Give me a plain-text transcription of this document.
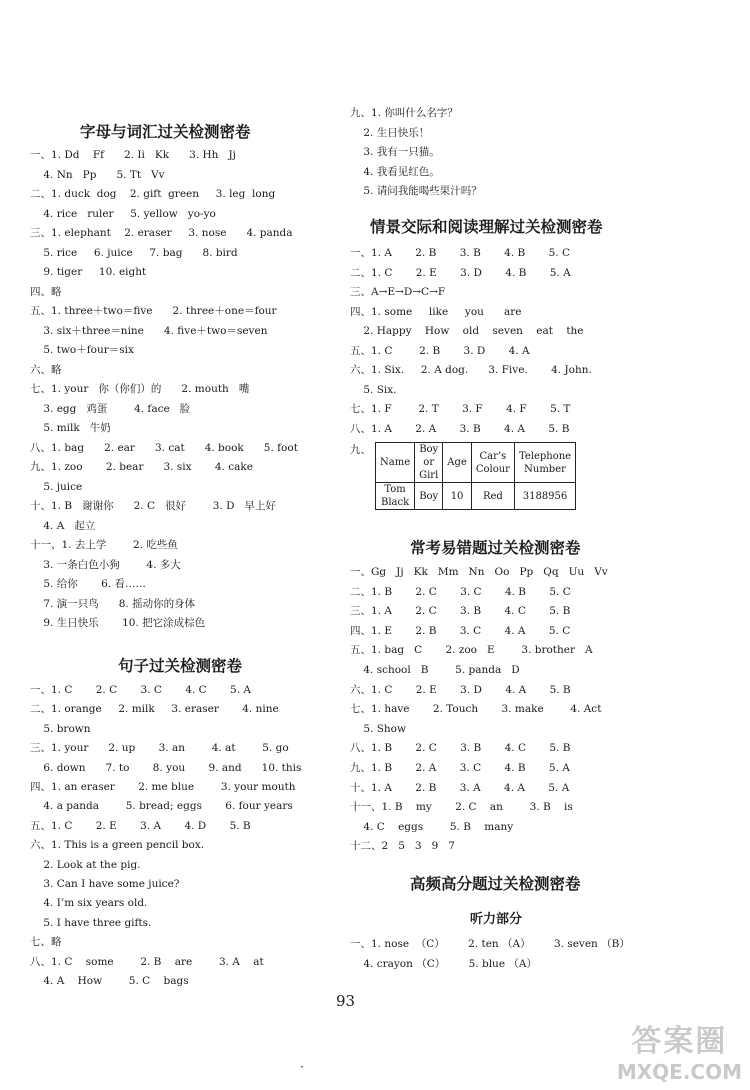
字母与词汇过关检测密卷
一、1. Dd    Ff      2. Ii   Kk      3. Hh   Jj
4. Nn   Pp      5. Tt   Vv
二、1. duck  dog    2. gift  green     3. leg  long
4. rice   ruler     5. yellow   yo-yo
三、1. elephant    2. eraser     3. nose      4. panda
5. rice     6. juice     7. bag      8. bird
9. tiger     10. eight
四、略
五、1. three＋two＝five      2. three＋one＝four
3. six＋three＝nine      4. five＋two＝seven
5. two＋four＝six
六、略
七、1. your   你（你们）的      2. mouth   嘴
3. egg   鸡蛋        4. face   脸
5. milk   牛奶
八、1. bag      2. ear      3. cat      4. book      5. foot
九、1. zoo       2. bear      3. six       4. cake
5. juice
十、1. B   谢谢你      2. C   很好        3. D   早上好
4. A   起立
十一、1. 去上学        2. 吃些鱼
3. 一条白色小狗        4. 多大
5. 给你       6. 看……
7. 演一只鸟      8. 摇动你的身体
9. 生日快乐       10. 把它涂成棕色
句子过关检测密卷
一、1. C       2. C       3. C       4. C       5. A
二、1. orange     2. milk     3. eraser       4. nine
5. brown
三、1. your      2. up       3. an        4. at        5. go
6. down      7. to       8. you       9. and      10. this
四、1. an eraser       2. me blue        3. your mouth
4. a panda        5. bread; eggs       6. four years
五、1. C       2. E       3. A       4. D       5. B
六、1. This is a green pencil box.
2. Look at the pig.
3. Can I have some juice?
4. I’m six years old.
5. I have three gifts.
七、略
八、1. C    some        2. B    are        3. A    at
4. A    How        5. C    bags
九、1. 你叫什么名字？
2. 生日快乐！
3. 我有一只猫。
4. 我看见红色。
5. 请问我能喝些果汁吗？
情景交际和阅读理解过关检测密卷
一、1. A       2. B       3. B       4. B       5. C
二、1. C       2. E       3. D       4. B       5. A
三、A→E→D→C→F
四、1. some     like     you      are
2. Happy    How    old    seven    eat    the
五、1. C        2. B       3. D       4. A
六、1. Six.     2. A dog.      3. Five.       4. John.
5. Six.
七、1. F        2. T       3. F       4. F       5. T
八、1. A       2. A       3. B       4. A       5. B
九、
Name	Boy or Girl	Age	Car’s Colour	Telephone Number
Tom Black	Boy	10	Red	3188956
常考易错题过关检测密卷
一、Gg   Jj   Kk   Mm   Nn   Oo   Pp   Qq   Uu   Vv
二、1. B       2. C       3. C       4. B       5. C
三、1. A       2. C       3. B       4. C       5. B
四、1. E       2. B       3. C       4. A       5. C
五、1. bag   C       2. zoo   E        3. brother   A
4. school   B        5. panda   D
六、1. C       2. E       3. D       4. A       5. B
七、1. have       2. Touch       3. make        4. Act
5. Show
八、1. B       2. C       3. B       4. C       5. B
九、1. B       2. A       3. C       4. B       5. A
十、1. A       2. B       3. A       4. A       5. A
十一、1. B    my       2. C    an        3. B    is
4. C    eggs        5. B    many
十二、2   5   3   9   7
高频高分题过关检测密卷
听力部分
一、1. nose  （C）       2. ten （A）       3. seven （B）
4. crayon （C）       5. blue （A）
93
·
答案圈
MXQE.COM
